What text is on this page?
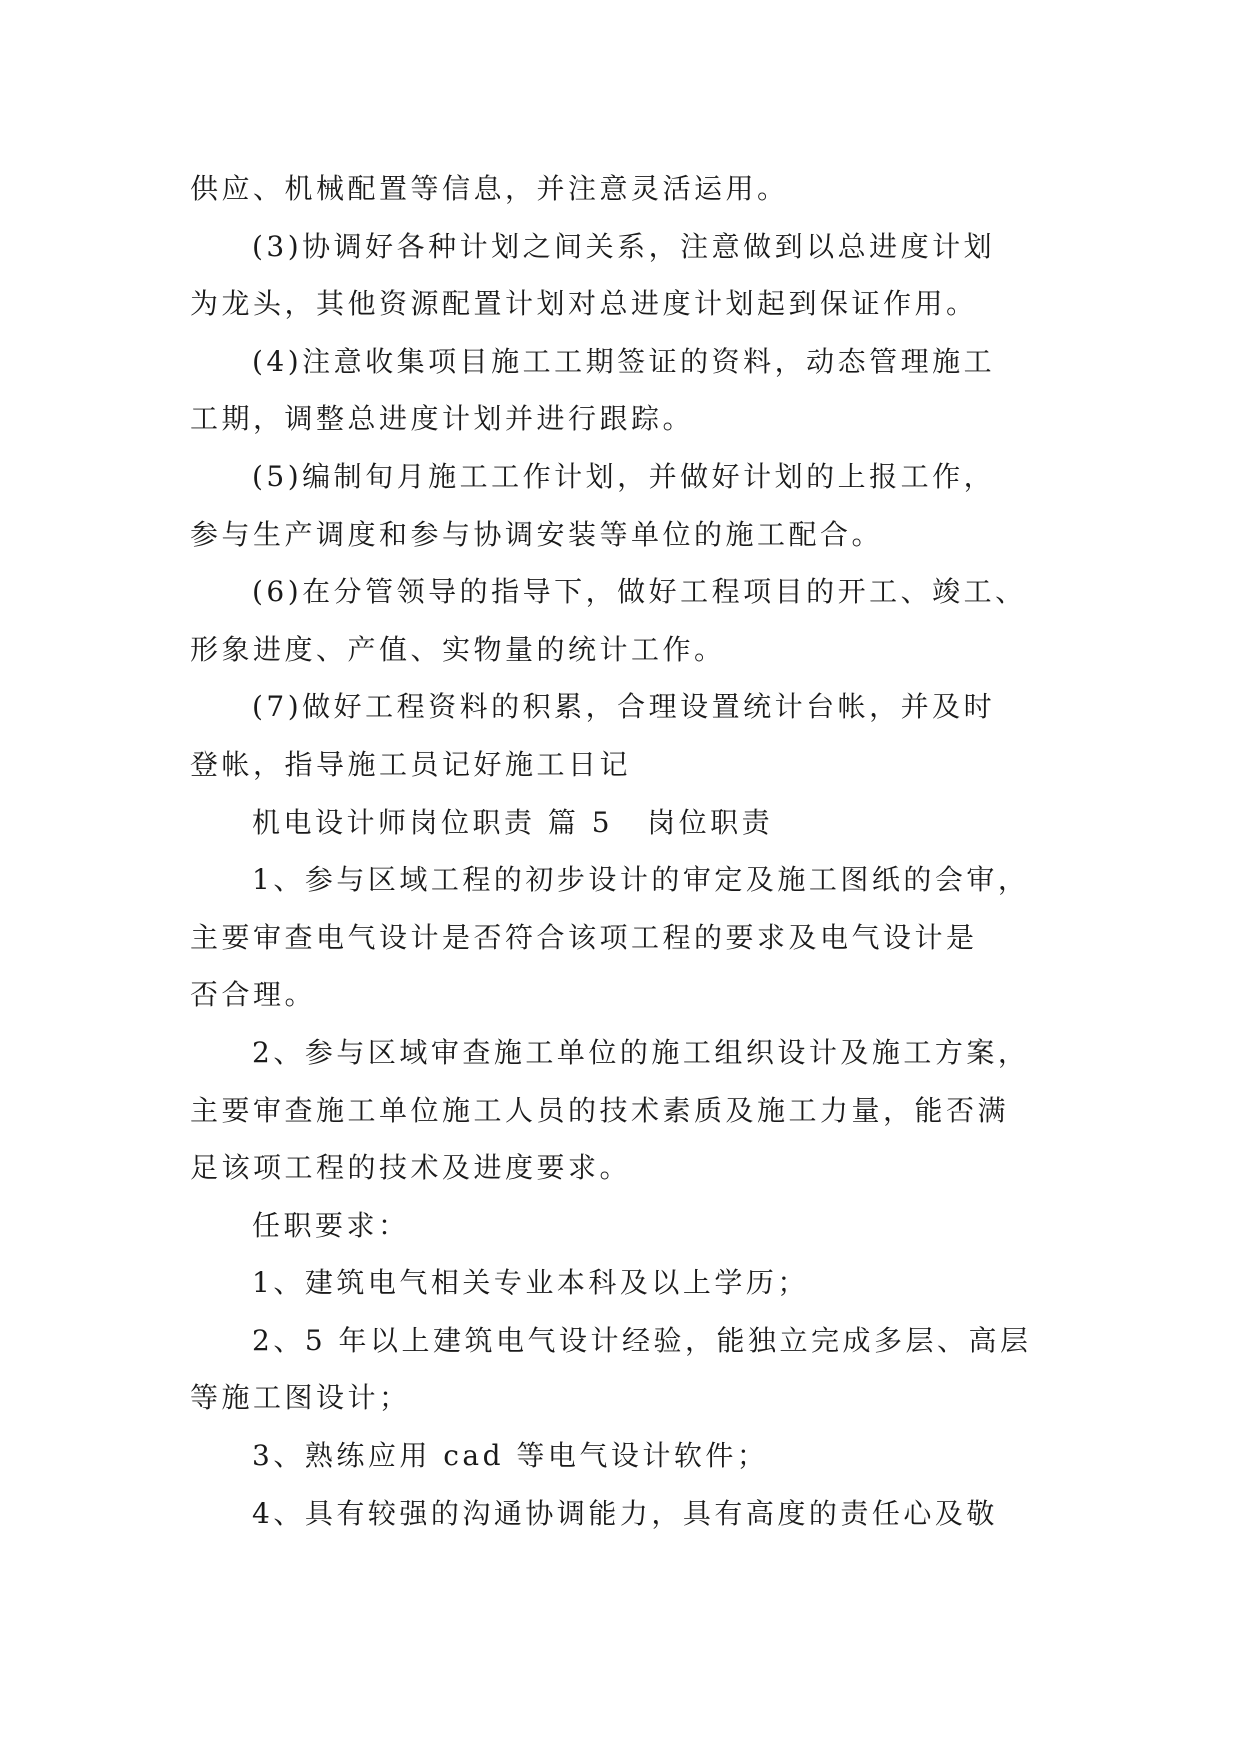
供应、机械配置等信息，并注意灵活运用。
(3)协调好各种计划之间关系，注意做到以总进度计划
为龙头，其他资源配置计划对总进度计划起到保证作用。
(4)注意收集项目施工工期签证的资料，动态管理施工
工期，调整总进度计划并进行跟踪。
(5)编制旬月施工工作计划，并做好计划的上报工作，
参与生产调度和参与协调安装等单位的施工配合。
(6)在分管领导的指导下，做好工程项目的开工、竣工、
形象进度、产值、实物量的统计工作。
(7)做好工程资料的积累，合理设置统计台帐，并及时
登帐，指导施工员记好施工日记
机电设计师岗位职责 篇 5 岗位职责
1、参与区域工程的初步设计的审定及施工图纸的会审，
主要审查电气设计是否符合该项工程的要求及电气设计是
否合理。
2、参与区域审查施工单位的施工组织设计及施工方案，
主要审查施工单位施工人员的技术素质及施工力量，能否满
足该项工程的技术及进度要求。
任职要求：
1、建筑电气相关专业本科及以上学历；
2、5 年以上建筑电气设计经验，能独立完成多层、高层
等施工图设计；
3、熟练应用 cad 等电气设计软件；
4、具有较强的沟通协调能力，具有高度的责任心及敬
